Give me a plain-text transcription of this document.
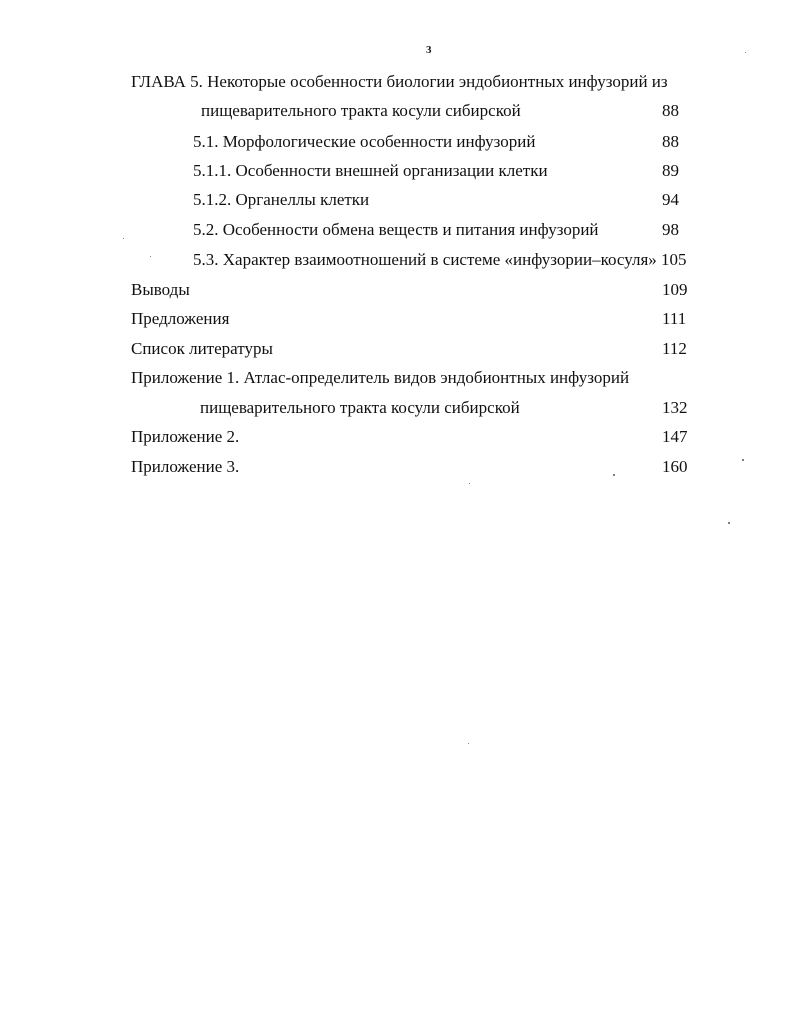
3
ГЛАВА 5. Некоторые особенности биологии эндобионтных инфузорий из
пищеварительного тракта косули сибирской	88
5.1. Морфологические особенности инфузорий	88
5.1.1. Особенности внешней организации клетки	89
5.1.2. Органеллы клетки	94
5.2. Особенности обмена веществ и питания инфузорий	98
5.3. Характер взаимоотношений в системе «инфузории–косуля» 105
Выводы	109
Предложения	111
Список литературы	112
Приложение 1. Атлас-определитель видов эндобионтных инфузорий
пищеварительного тракта косули сибирской	132
Приложение 2.	147
Приложение 3.	160
